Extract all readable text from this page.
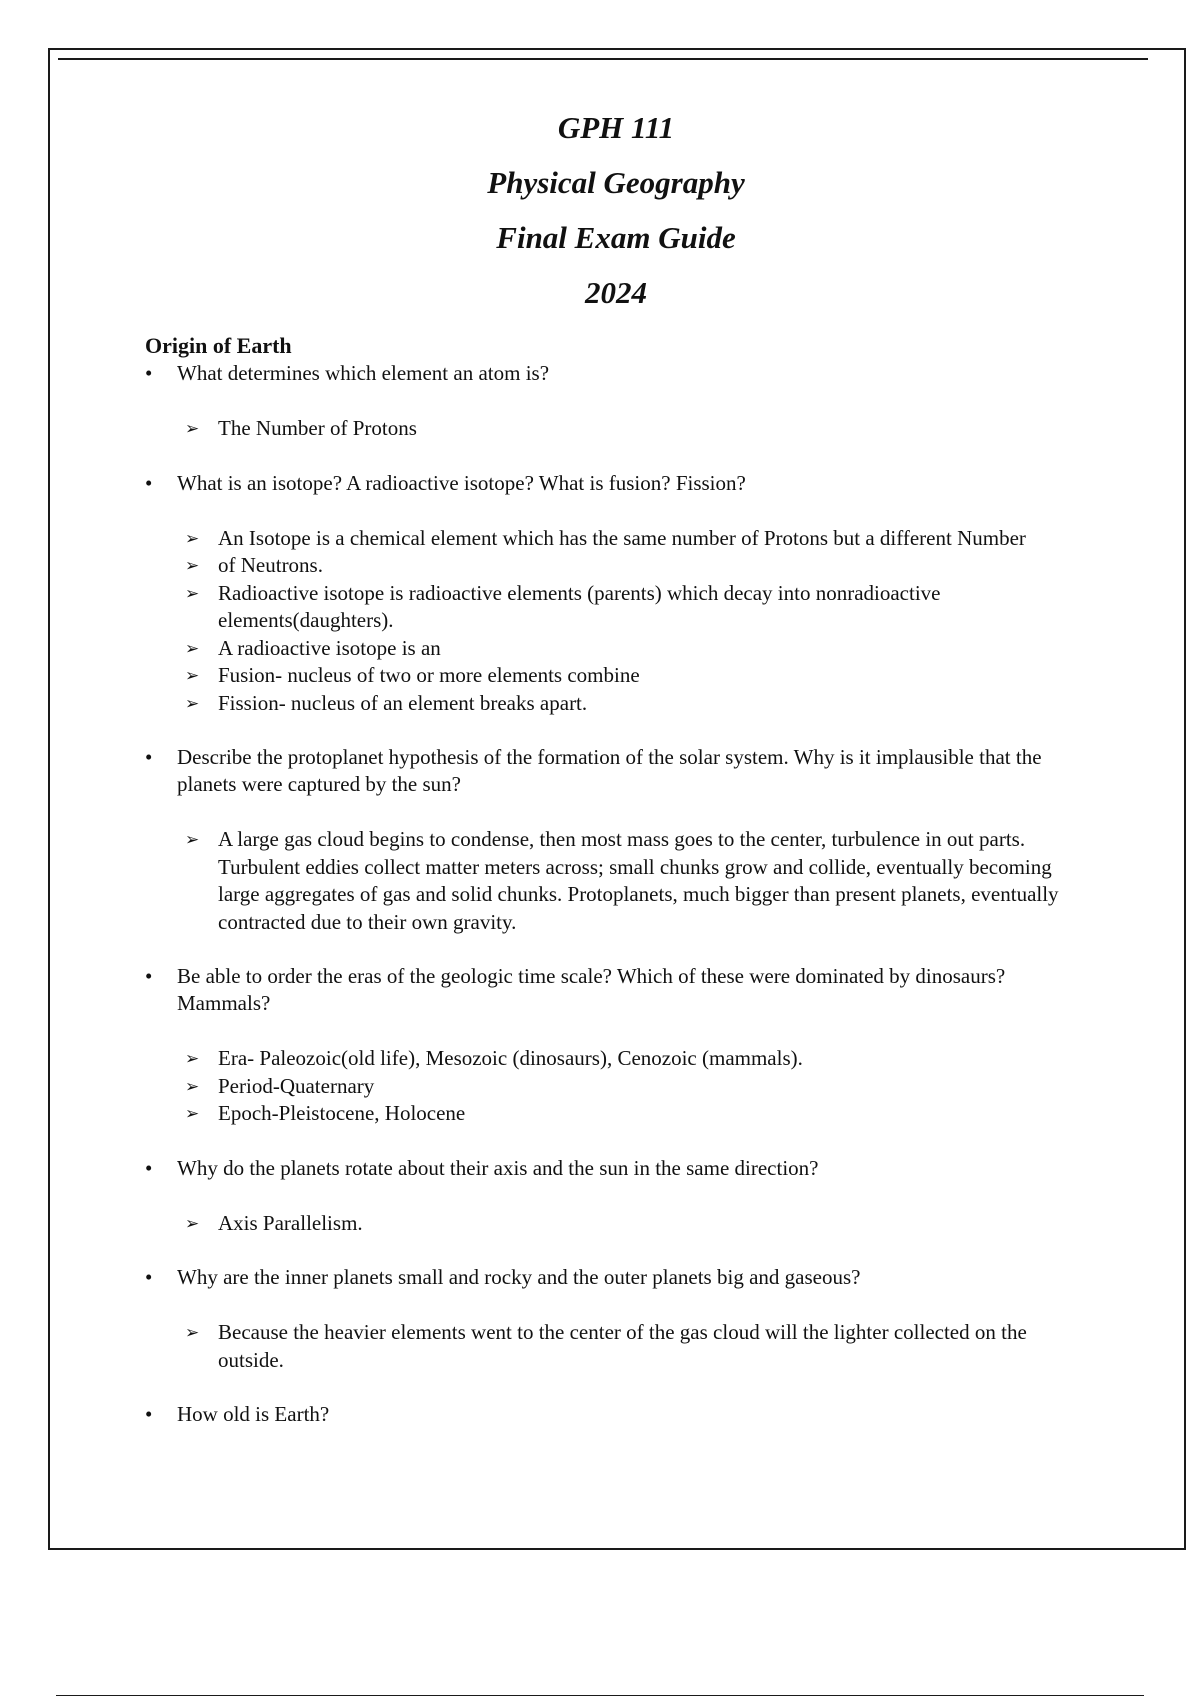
GPH 111
Physical Geography
Final Exam Guide
2024
Origin of Earth
•	What determines which element an atom is?
➢ The Number of Protons
•	What is an isotope? A radioactive isotope? What is fusion? Fission?
➢ An Isotope is a chemical element which has the same number of Protons but a different Number
➢ of Neutrons.
➢ Radioactive isotope is radioactive elements (parents) which decay into nonradioactive elements(daughters).
➢ A radioactive isotope is an
➢ Fusion- nucleus of two or more elements combine
➢ Fission- nucleus of an element breaks apart.
•	Describe the protoplanet hypothesis of the formation of the solar system. Why is it implausible that the planets were captured by the sun?
➢ A large gas cloud begins to condense, then most mass goes to the center, turbulence in out parts. Turbulent eddies collect matter meters across; small chunks grow and collide, eventually becoming large aggregates of gas and solid chunks. Protoplanets, much bigger than present planets, eventually contracted due to their own gravity.
•	Be able to order the eras of the geologic time scale? Which of these were dominated by dinosaurs? Mammals?
➢ Era- Paleozoic(old life), Mesozoic (dinosaurs), Cenozoic (mammals).
➢ Period-Quaternary
➢ Epoch-Pleistocene, Holocene
•	Why do the planets rotate about their axis and the sun in the same direction?
➢ Axis Parallelism.
•	Why are the inner planets small and rocky and the outer planets big and gaseous?
➢ Because the heavier elements went to the center of the gas cloud will the lighter collected on the outside.
•	How old is Earth?
